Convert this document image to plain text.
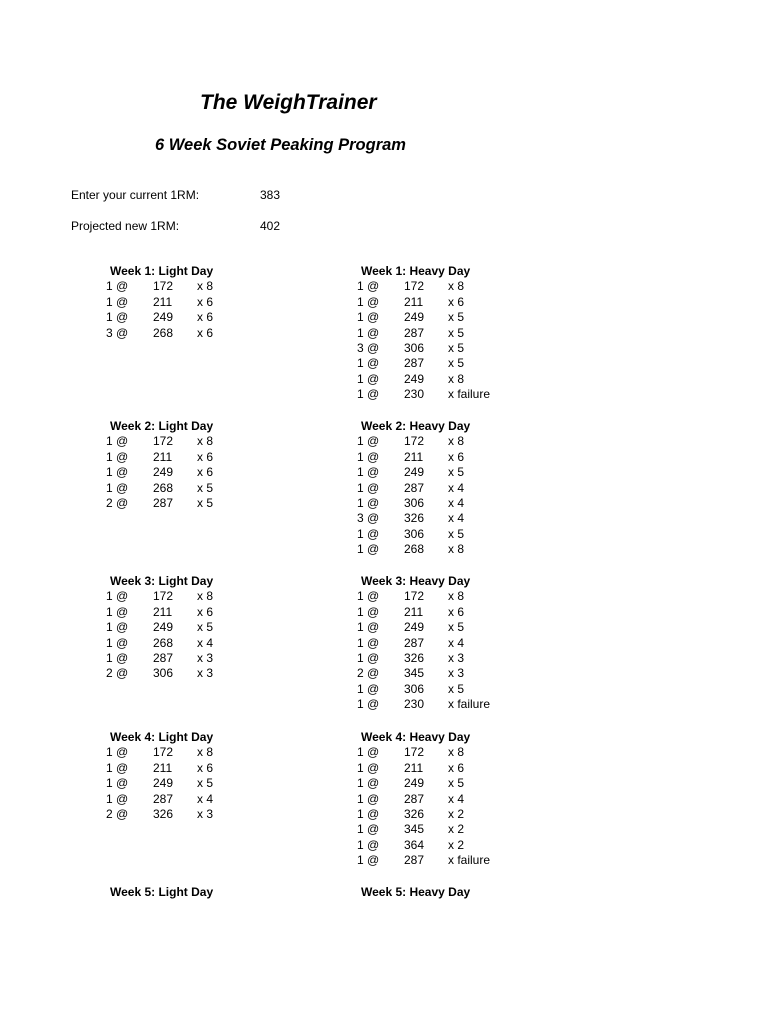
The WeighTrainer
6 Week Soviet Peaking Program
Enter your current 1RM:	383
Projected new 1RM:	402
Week 1: Light Day
1 @ 172 x 8
1 @ 211 x 6
1 @ 249 x 6
3 @ 268 x 6
Week 1: Heavy Day
1 @ 172 x 8
1 @ 211 x 6
1 @ 249 x 5
1 @ 287 x 5
3 @ 306 x 5
1 @ 287 x 5
1 @ 249 x 8
1 @ 230 x failure
Week 2: Light Day
1 @ 172 x 8
1 @ 211 x 6
1 @ 249 x 6
1 @ 268 x 5
2 @ 287 x 5
Week 2: Heavy Day
1 @ 172 x 8
1 @ 211 x 6
1 @ 249 x 5
1 @ 287 x 4
1 @ 306 x 4
3 @ 326 x 4
1 @ 306 x 5
1 @ 268 x 8
Week 3: Light Day
1 @ 172 x 8
1 @ 211 x 6
1 @ 249 x 5
1 @ 268 x 4
1 @ 287 x 3
2 @ 306 x 3
Week 3: Heavy Day
1 @ 172 x 8
1 @ 211 x 6
1 @ 249 x 5
1 @ 287 x 4
1 @ 326 x 3
2 @ 345 x 3
1 @ 306 x 5
1 @ 230 x failure
Week 4: Light Day
1 @ 172 x 8
1 @ 211 x 6
1 @ 249 x 5
1 @ 287 x 4
2 @ 326 x 3
Week 4: Heavy Day
1 @ 172 x 8
1 @ 211 x 6
1 @ 249 x 5
1 @ 287 x 4
1 @ 326 x 2
1 @ 345 x 2
1 @ 364 x 2
1 @ 287 x failure
Week 5: Light Day	Week 5: Heavy Day
